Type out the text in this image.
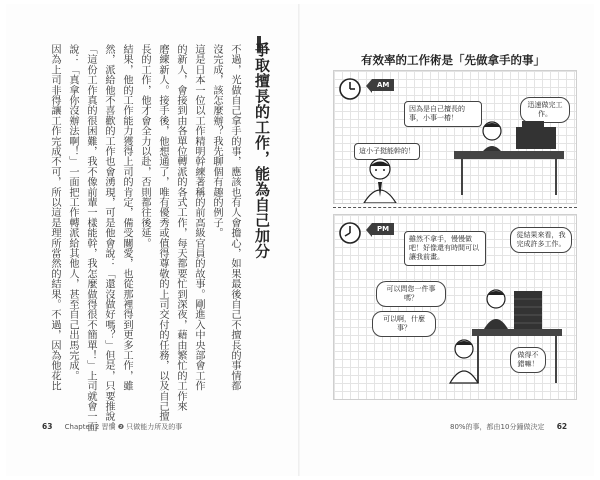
爭取擅長的工作，能為自己加分
不過，光做自己拿手的事，應該也有人會擔心，如果最後自己不擅長的事情都
沒完成，該怎麼辦？我先聊個有趣的例子。
這是日本一位以工作精明幹練著稱的前高級官員的故事。剛進入中央部會工作
的新人，會接到由各單位轉派的各式工作，每天都要忙到深夜，藉由繁忙的工作來
磨練新人。接手後，他想通了，唯有優秀或值得尊敬的上司交付的任務，以及自己擅
長的工作，他才會全力以赴，否則都往後延。
結果，他的工作能力獲得上司的肯定，備受關愛，也從那裡得到更多工作，雖
然，派給他不喜歡的工作也會湧現，可是他會說：「還沒做好嗎？」但是，只要推說：
「這份工作真的很困難，我不像前輩一樣能幹，我怎麼做得很不簡單！」上司就會一面
說：「真拿你沒辦法啊！」一面把工作轉派給其他人，甚至自己出馬完成。
因為上司非得讓工作完成不可，所以這是理所當然的結果。不過，因為他花比
63 Chapter 2 習慣 ❷ 只做能力所及的事
有效率的工作術是「先做拿手的事」
AM
因為是自己擅長的事，小事一樁！
迅速做完工作。
這小子挺能幹的！
PM
雖然不拿手，慢慢做吧！好像還有時間可以讓我前畫。
從結果來看，我完成許多工作。
可以問您一件事嗎？
可以啊，什麼事？
做得不錯嘛！
80%的事，都由10分鐘做決定 62
